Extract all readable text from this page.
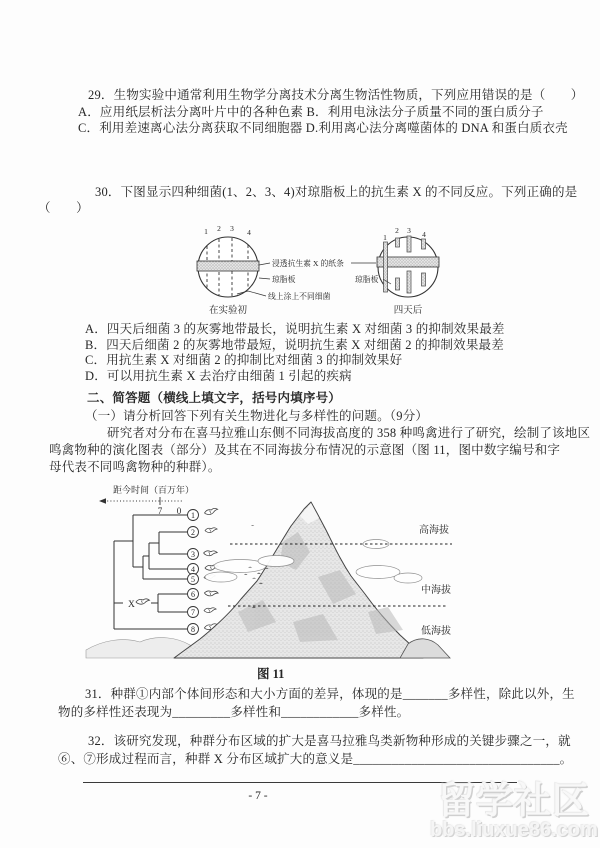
29．生物实验中通常利用生物学分离技术分离生物活性物质，下列应用错误的是（　　）
A．应用纸层析法分离叶片中的各种色素 B．利用电泳法分子质量不同的蛋白质分子
C．利用差速离心法分离获取不同细胞器 D.利用离心法分离噬菌体的 DNA 和蛋白质衣壳
30．下图显示四种细菌(1、2、3、4)对琼脂板上的抗生素 X 的不同反应。下列正确的是
（　　）
1 2 3 4
在实验初
1
2 3 4
四天后
浸透抗生素 X 的纸条
琼脂板	琼脂板
线上涂上不同细菌
A．四天后细菌 3 的灰雾地带最长，说明抗生素 X 对细菌 3 的抑制效果最差
B．四天后细菌 2 的灰雾地带最短，说明抗生素 X 对细菌 2 的抑制效果最差
C．用抗生素 X 对细菌 2 的抑制比对细菌 3 的抑制效果好
D．可以用抗生素 X 去治疗由细菌 1 引起的疾病
二、简答题（横线上填文字，括号内填序号）
（一）请分析回答下列有关生物进化与多样性的问题。（9分）
研究者对分布在喜马拉雅山东侧不同海拔高度的 358 种鸣禽进行了研究，绘制了该地区
鸣禽物种的演化图表（部分）及其在不同海拔分布情况的示意图（图 11，图中数字编号和字
母代表不同鸣禽物种的种群）。
距今时间（百万年）
7 0
X
1
2
3
4
5
6
7
8
高海拔
中海拔
低海拔
图 11
31．种群①内部个体间形态和大小方面的差异，体现的是_______多样性，除此以外，生
物的多样性还表现为_________多样性和____________多样性。
32．该研究发现，种群分布区域的扩大是喜马拉雅鸟类新物种形成的关键步骤之一，就
⑥、⑦形成过程而言，种群 X 分布区域扩大的意义是________________________________。
- 7 -	留学社区
bbs.liuxue86.com
